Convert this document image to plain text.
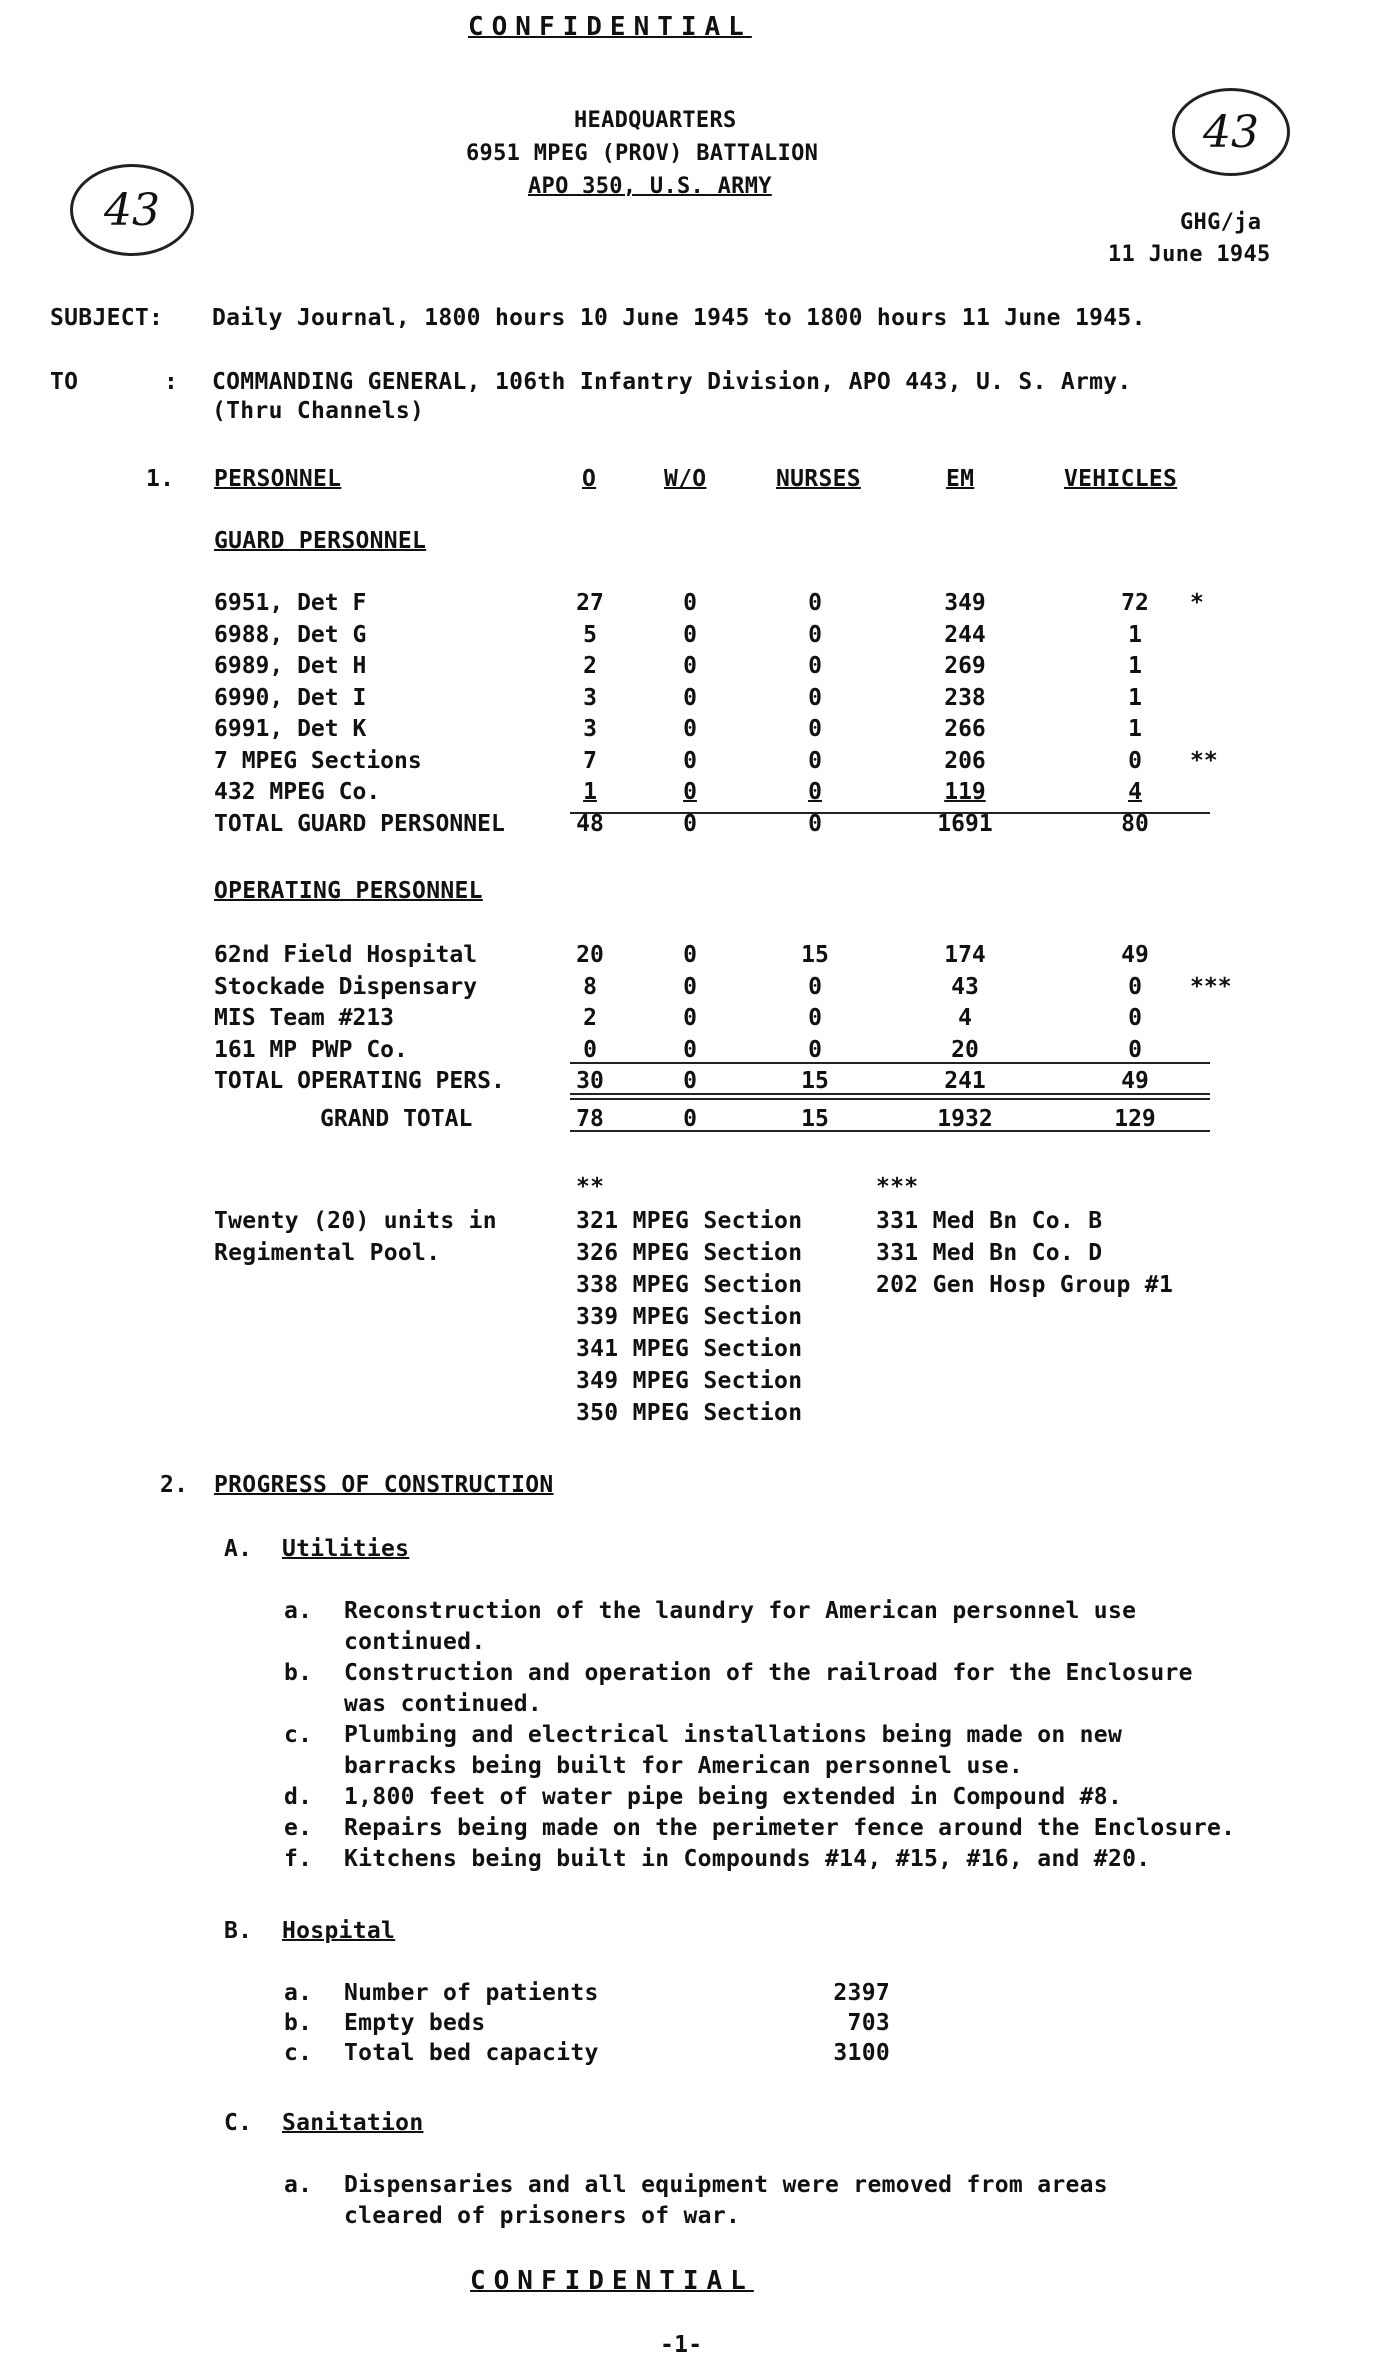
CONFIDENTIAL
43
43
HEADQUARTERS
6951 MPEG (PROV) BATTALION
APO 350, U.S. ARMY
GHG/ja
11 June 1945
SUBJECT: Daily Journal, 1800 hours 10 June 1945 to 1800 hours 11 June 1945.
TO	: COMMANDING GENERAL, 106th Infantry Division, APO 443, U. S. Army.
(Thru Channels)
1. PERSONNEL	O	W/O	NURSES	EM	VEHICLES
GUARD PERSONNEL
6951, Det F	27	0	0	349	72	*
6988, Det G	5	0	0	244	1
6989, Det H	2	0	0	269	1
6990, Det I	3	0	0	238	1
6991, Det K	3	0	0	266	1
7 MPEG Sections	7	0	0	206	0	**
432 MPEG Co.	1	0	0	119	4
TOTAL GUARD PERSONNEL	48	0	0	1691	80
OPERATING PERSONNEL
62nd Field Hospital	20	0	15	174	49
Stockade Dispensary	8	0	0	43	0	***
MIS Team #213	2	0	0	4	0
161 MP PWP Co.	0	0	0	20	0
TOTAL OPERATING PERS.	30	0	15	241	49
GRAND TOTAL	78	0	15	1932	129
Twenty (20) units in
Regimental Pool.
**
321 MPEG Section
326 MPEG Section
338 MPEG Section
339 MPEG Section
341 MPEG Section
349 MPEG Section
350 MPEG Section
***
331 Med Bn Co. B
331 Med Bn Co. D
202 Gen Hosp Group #1
2. PROGRESS OF CONSTRUCTION
A. Utilities
a. Reconstruction of the laundry for American personnel use
continued.
b. Construction and operation of the railroad for the Enclosure
was continued.
c. Plumbing and electrical installations being made on new
barracks being built for American personnel use.
d. 1,800 feet of water pipe being extended in Compound #8.
e. Repairs being made on the perimeter fence around the Enclosure.
f. Kitchens being built in Compounds #14, #15, #16, and #20.
B. Hospital
a. Number of patients	2397
b. Empty beds	703
c. Total bed capacity	3100
C. Sanitation
a. Dispensaries and all equipment were removed from areas
cleared of prisoners of war.
CONFIDENTIAL
-1-
